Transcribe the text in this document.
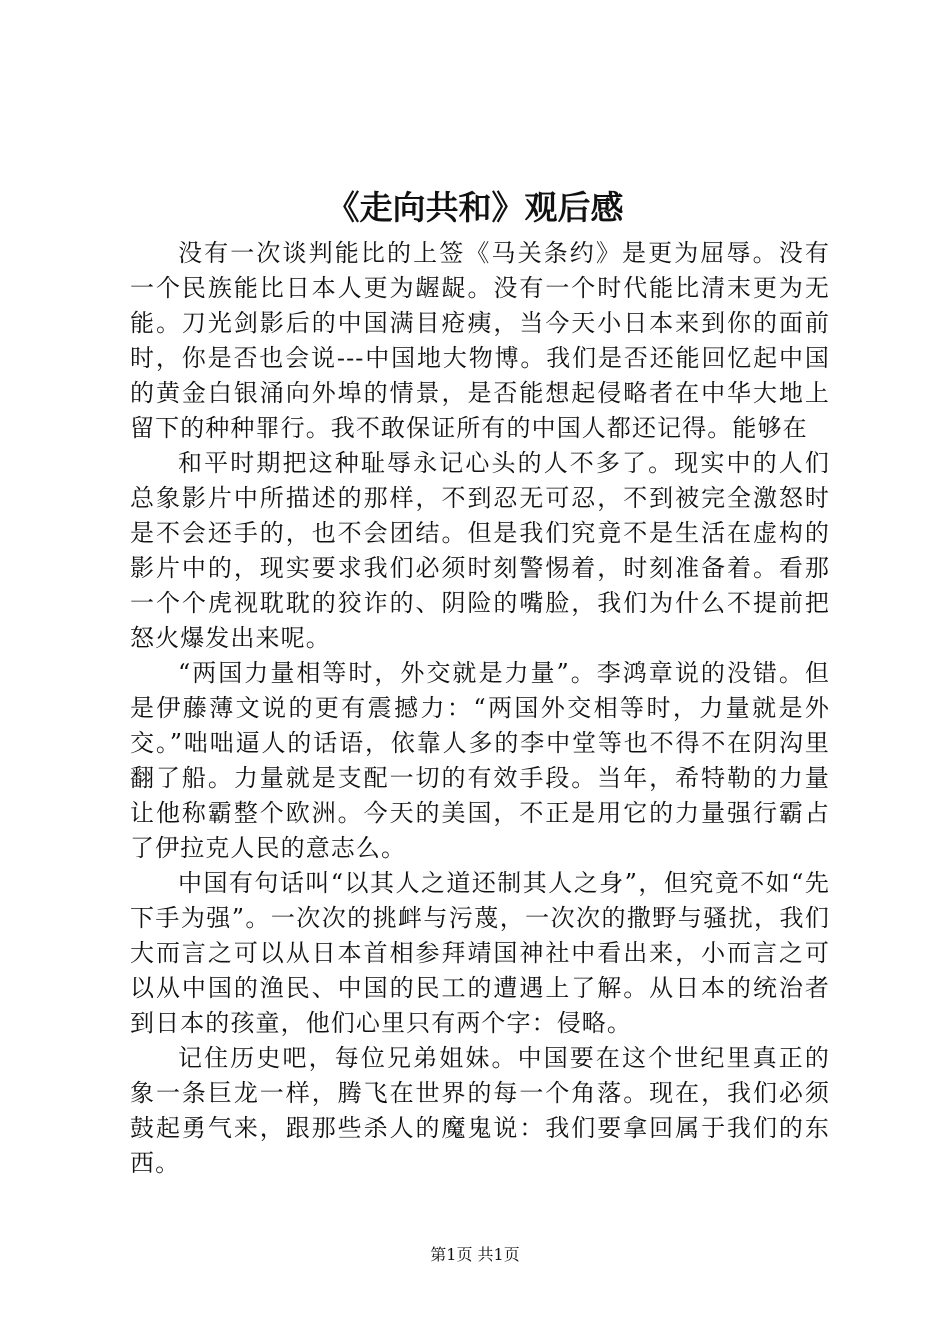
《走向共和》观后感

没有一次谈判能比的上签《马关条约》是更为屈辱。没有一个民族能比日本人更为龌龊。没有一个时代能比清末更为无能。刀光剑影后的中国满目疮痍，当今天小日本来到你的面前时，你是否也会说---中国地大物博。我们是否还能回忆起中国的黄金白银涌向外埠的情景，是否能想起侵略者在中华大地上留下的种种罪行。我不敢保证所有的中国人都还记得。能够在

和平时期把这种耻辱永记心头的人不多了。现实中的人们总象影片中所描述的那样，不到忍无可忍，不到被完全激怒时是不会还手的，也不会团结。但是我们究竟不是生活在虚构的影片中的，现实要求我们必须时刻警惕着，时刻准备着。看那一个个虎视耽耽的狡诈的、阴险的嘴脸，我们为什么不提前把怒火爆发出来呢。

“两国力量相等时，外交就是力量”。李鸿章说的没错。但是伊藤薄文说的更有震撼力：“两国外交相等时，力量就是外交。”咄咄逼人的话语，依靠人多的李中堂等也不得不在阴沟里翻了船。力量就是支配一切的有效手段。当年，希特勒的力量让他称霸整个欧洲。今天的美国，不正是用它的力量强行霸占了伊拉克人民的意志么。

中国有句话叫“以其人之道还制其人之身”，但究竟不如“先下手为强”。一次次的挑衅与污蔑，一次次的撒野与骚扰，我们大而言之可以从日本首相参拜靖国神社中看出来，小而言之可以从中国的渔民、中国的民工的遭遇上了解。从日本的统治者到日本的孩童，他们心里只有两个字：侵略。

记住历史吧，每位兄弟姐妹。中国要在这个世纪里真正的象一条巨龙一样，腾飞在世界的每一个角落。现在，我们必须鼓起勇气来，跟那些杀人的魔鬼说：我们要拿回属于我们的东西。

第1页 共1页
